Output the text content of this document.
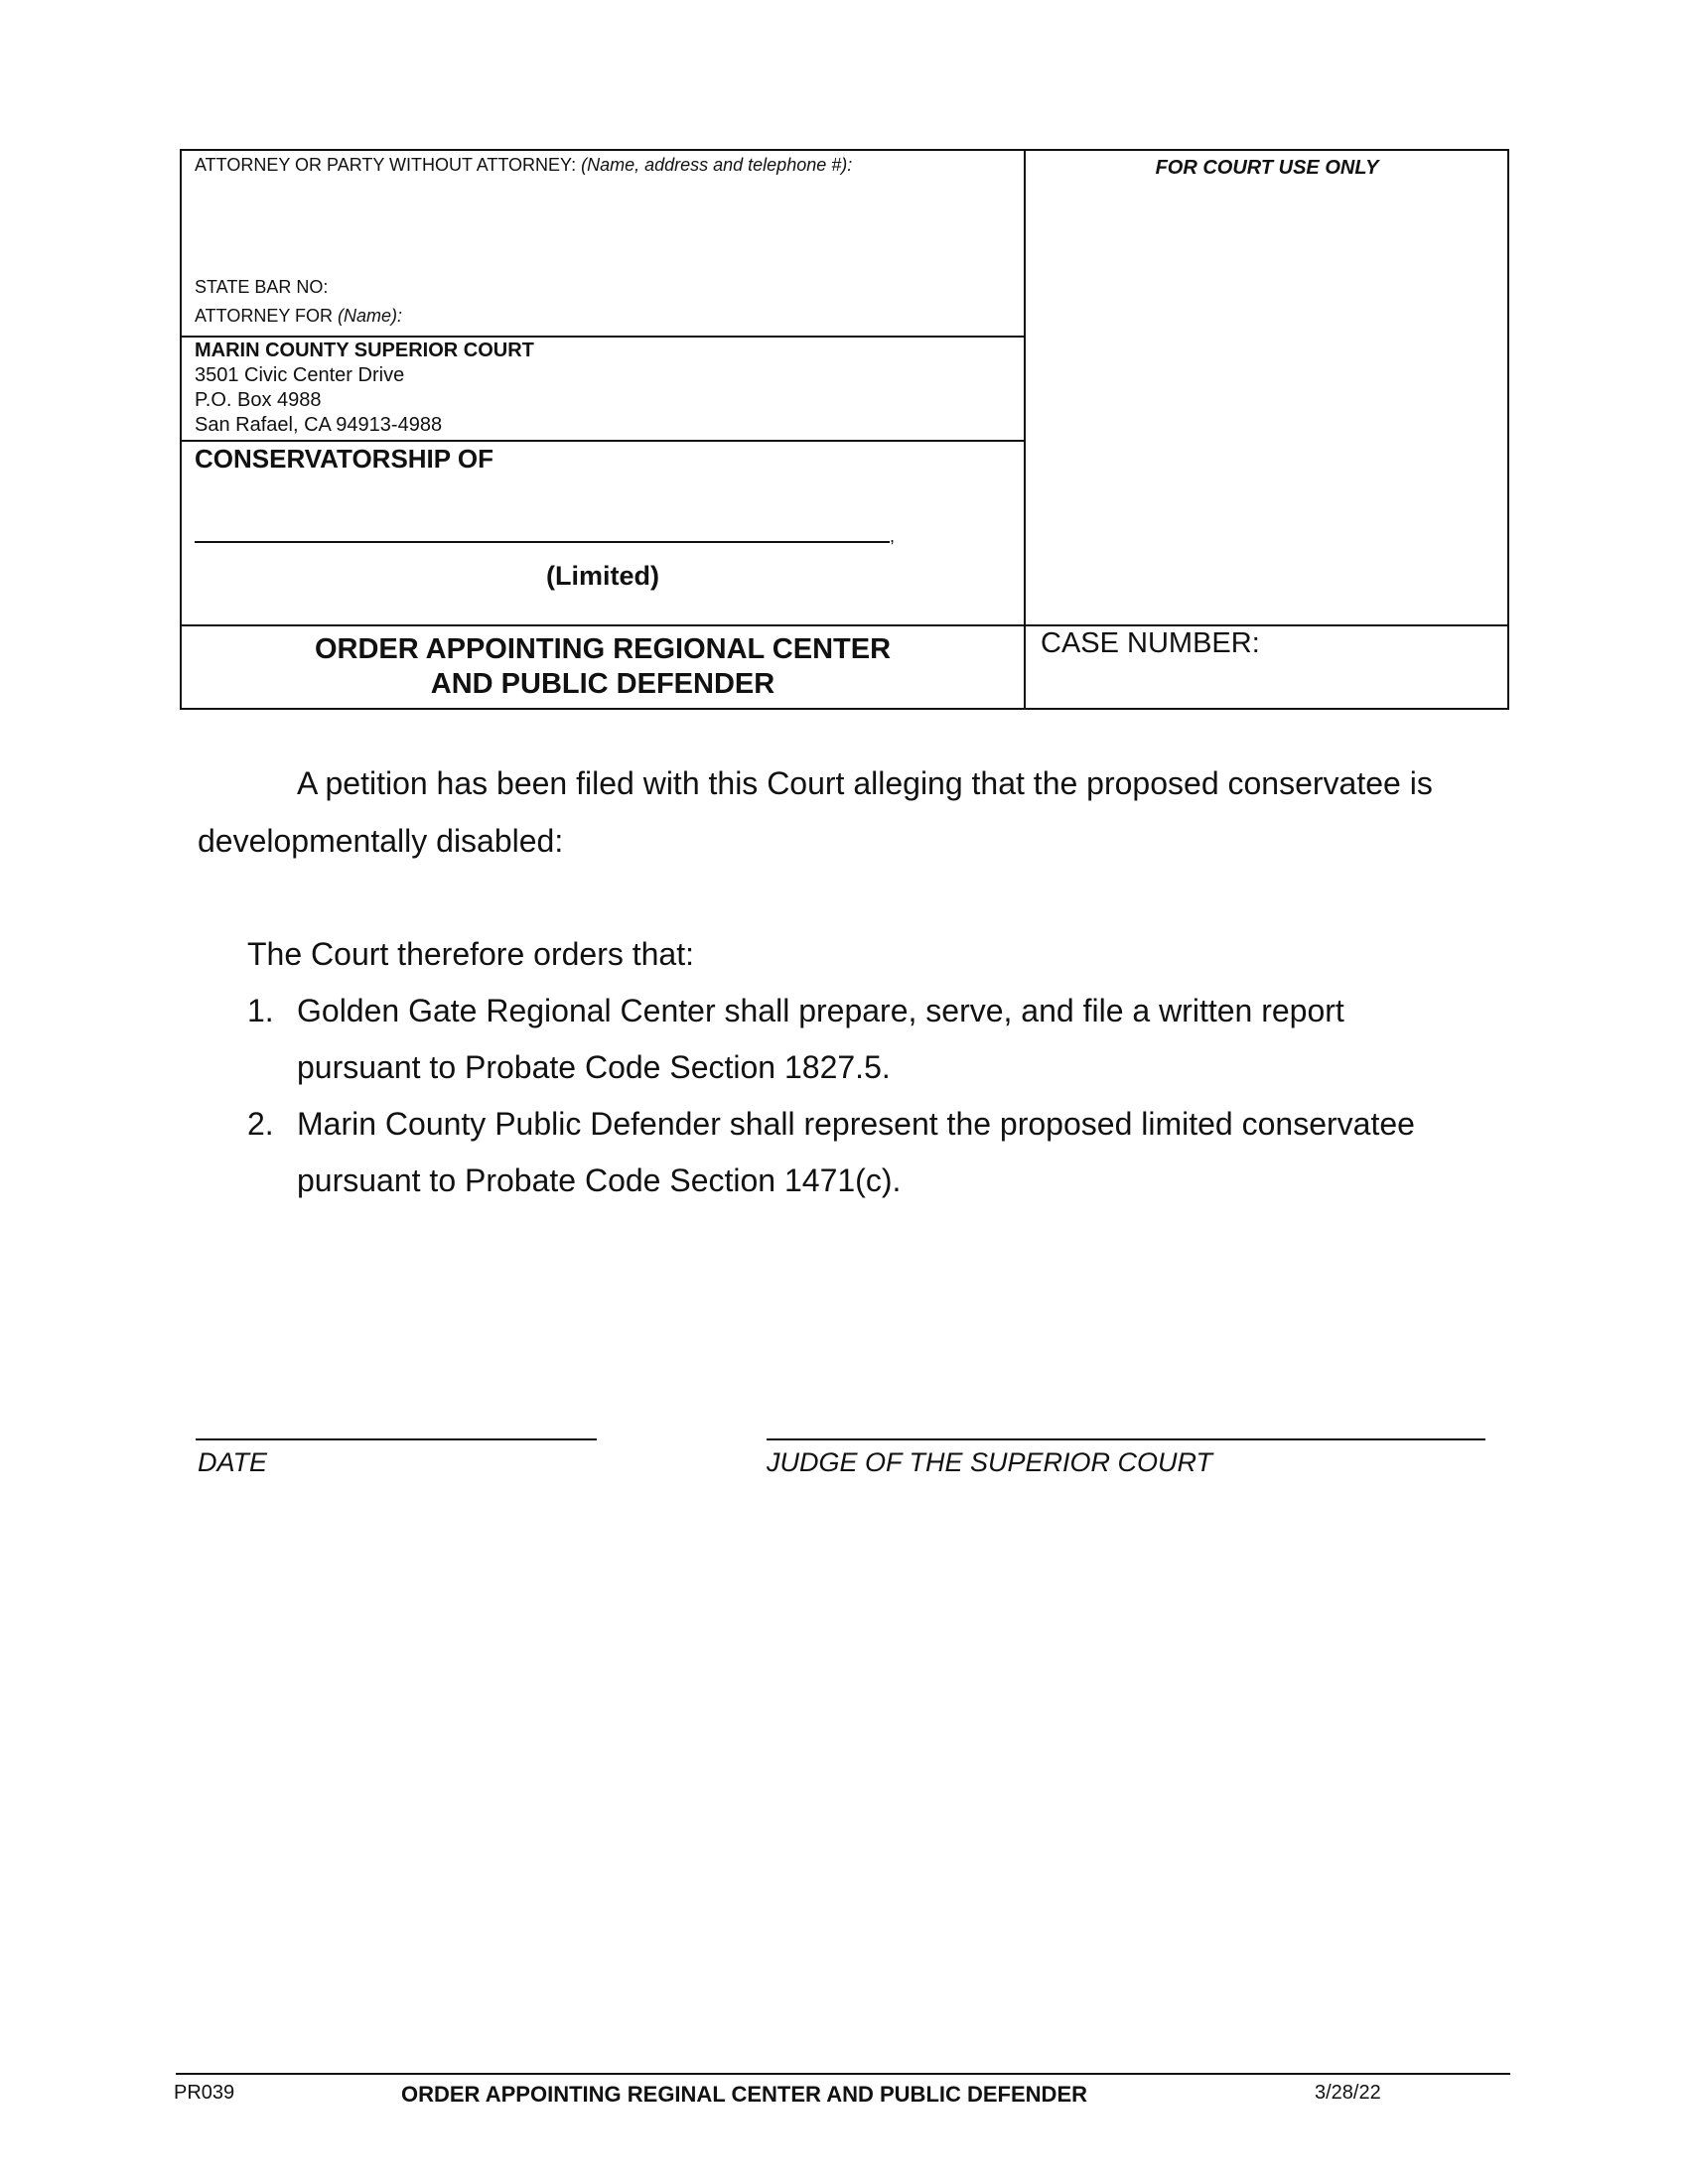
ATTORNEY OR PARTY WITHOUT ATTORNEY: (Name, address and telephone #):
STATE BAR NO:
ATTORNEY FOR (Name):
FOR COURT USE ONLY
MARIN COUNTY SUPERIOR COURT
3501 Civic Center Drive
P.O. Box 4988
San Rafael, CA 94913-4988
CONSERVATORSHIP OF
,
(Limited)
ORDER APPOINTING REGIONAL CENTER
AND PUBLIC DEFENDER
CASE NUMBER:
A petition has been filed with this Court alleging that the proposed conservatee is
developmentally disabled:
The Court therefore orders that:
1. Golden Gate Regional Center shall prepare, serve, and file a written report
pursuant to Probate Code Section 1827.5.
2. Marin County Public Defender shall represent the proposed limited conservatee
pursuant to Probate Code Section 1471(c).
DATE	JUDGE OF THE SUPERIOR COURT
PR039	ORDER APPOINTING REGINAL CENTER AND PUBLIC DEFENDER	3/28/22
